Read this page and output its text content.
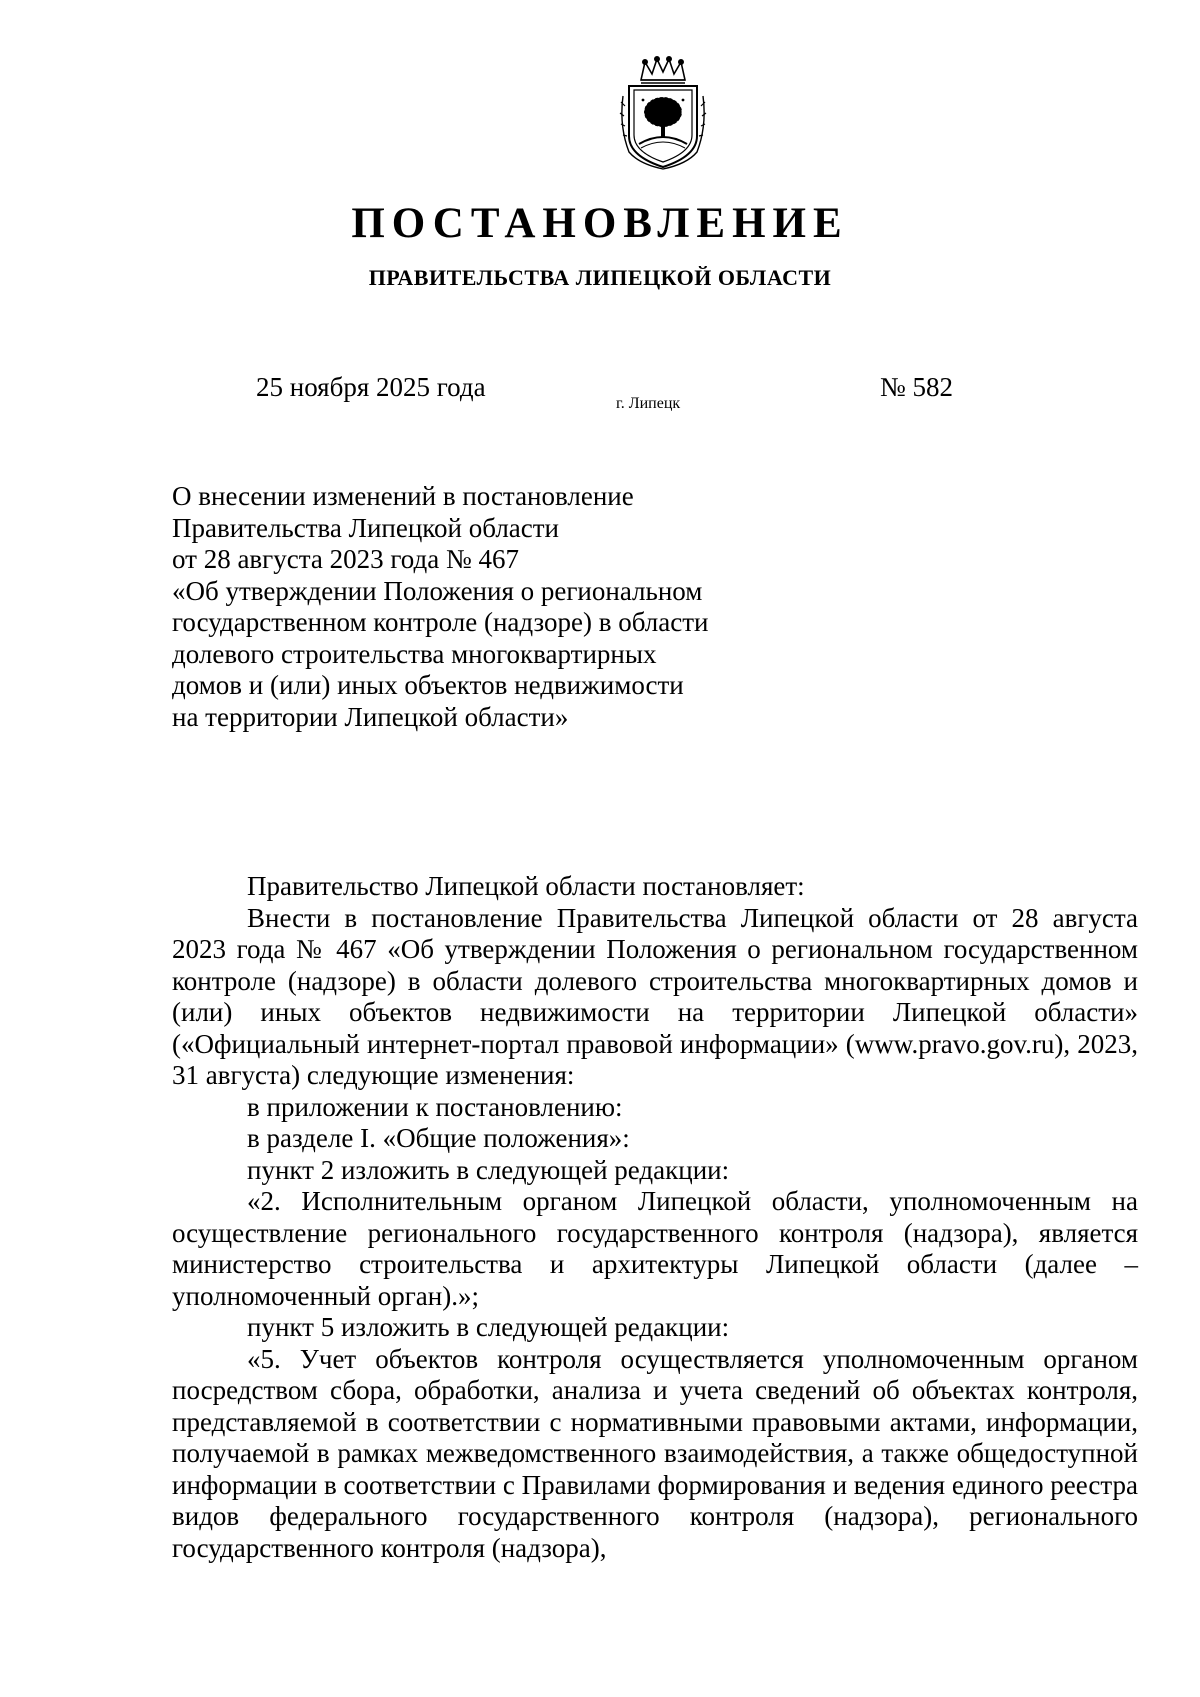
ПОСТАНОВЛЕНИЕ
ПРАВИТЕЛЬСТВА ЛИПЕЦКОЙ ОБЛАСТИ
25 ноября 2025 года
г. Липецк
№ 582
О внесении изменений в постановление
Правительства Липецкой области
от 28 августа 2023 года № 467
«Об утверждении Положения о региональном
государственном контроле (надзоре) в области
долевого строительства многоквартирных
домов и (или) иных объектов недвижимости
на территории Липецкой области»

Правительство Липецкой области постановляет:

Внести в постановление Правительства Липецкой области от 28 августа 2023 года № 467 «Об утверждении Положения о региональном государственном контроле (надзоре) в области долевого строительства многоквартирных домов и (или) иных объектов недвижимости на территории Липецкой области» («Официальный интернет-портал правовой информации» (www.pravo.gov.ru), 2023, 31 августа) следующие изменения:

в приложении к постановлению:

в разделе I. «Общие положения»:

пункт 2 изложить в следующей редакции:

«2. Исполнительным органом Липецкой области, уполномоченным на осуществление регионального государственного контроля (надзора), является министерство строительства и архитектуры Липецкой области (далее – уполномоченный орган).»;

пункт 5 изложить в следующей редакции:

«5. Учет объектов контроля осуществляется уполномоченным органом посредством сбора, обработки, анализа и учета сведений об объектах контроля, представляемой в соответствии с нормативными правовыми актами, информации, получаемой в рамках межведомственного взаимодействия, а также общедоступной информации в соответствии с Правилами формирования и ведения единого реестра видов федерального государственного контроля (надзора), регионального государственного контроля (надзора),
